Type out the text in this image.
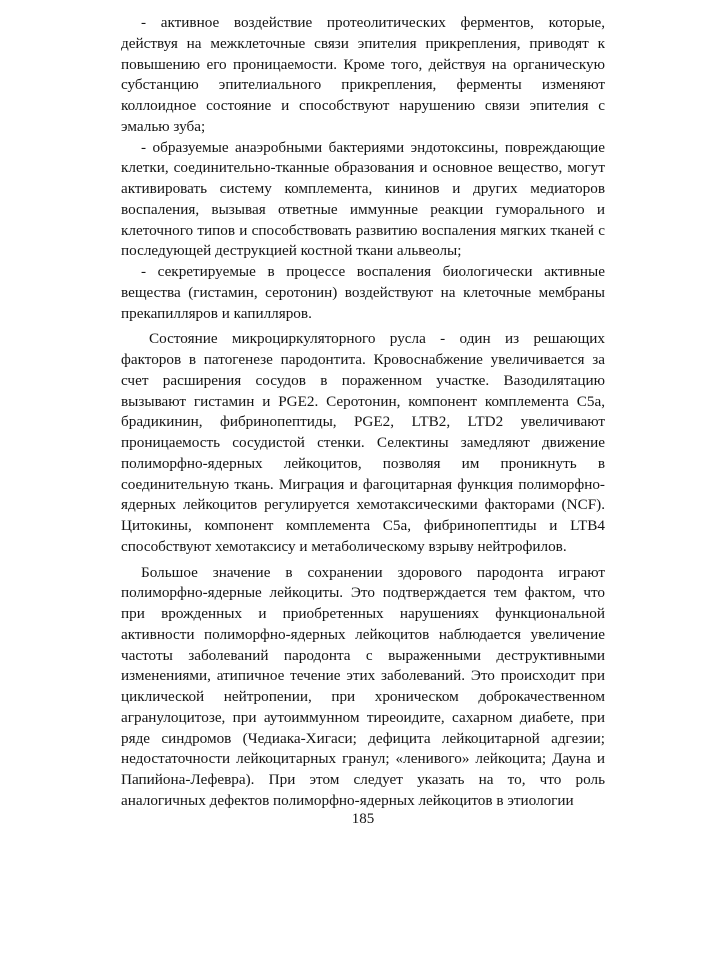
- активное воздействие протеолитических ферментов, которые, действуя на межклеточные связи эпителия прикрепления, приводят к повышению его проницаемости. Кроме того, действуя на органическую субстанцию эпителиального прикрепления, ферменты изменяют коллоидное состояние и способствуют нарушению связи эпителия с эмалью зуба;

- образуемые анаэробными бактериями эндотоксины, повреждающие клетки, соединительно-тканные образования и основное вещество, могут активировать систему комплемента, кининов и других медиаторов воспаления, вызывая ответные иммунные реакции гуморального и клеточного типов и способствовать развитию воспаления мягких тканей с последующей деструкцией костной ткани альвеолы;

- секретируемые в процессе воспаления биологически активные вещества (гистамин, серотонин) воздействуют на клеточные мембраны прекапилляров и капилляров.

Состояние микроциркуляторного русла - один из решающих факторов в патогенезе пародонтита. Кровоснабжение увеличивается за счет расширения сосудов в пораженном участке. Вазодилятацию вызывают гистамин и PGE2. Серотонин, компонент комплемента C5a, брадикинин, фибринопептиды, PGE2, LTB2, LTD2 увеличивают проницаемость сосудистой стенки. Селектины замедляют движение полиморфно-ядерных лейкоцитов, позволяя им проникнуть в соединительную ткань. Миграция и фагоцитарная функция полиморфно-ядерных лейкоцитов регулируется хемотаксическими факторами (NCF). Цитокины, компонент комплемента C5a, фибринопептиды и LTB4 способствуют хемотаксису и метаболическому взрыву нейтрофилов.

Большое значение в сохранении здорового пародонта играют полиморфно-ядерные лейкоциты. Это подтверждается тем фактом, что при врожденных и приобретенных нарушениях функциональной активности полиморфно-ядерных лейкоцитов наблюдается увеличение частоты заболеваний пародонта с выраженными деструктивными изменениями, атипичное течение этих заболеваний. Это происходит при циклической нейтропении, при хроническом доброкачественном агранулоцитозе, при аутоиммунном тиреоидите, сахарном диабете, при ряде синдромов (Чедиака-Хигаси; дефицита лейкоцитарной адгезии; недостаточности лейкоцитарных гранул; «ленивого» лейкоцита; Дауна и Папийона-Лефевра). При этом следует указать на то, что роль аналогичных дефектов полиморфно-ядерных лейкоцитов в этиологии

185
